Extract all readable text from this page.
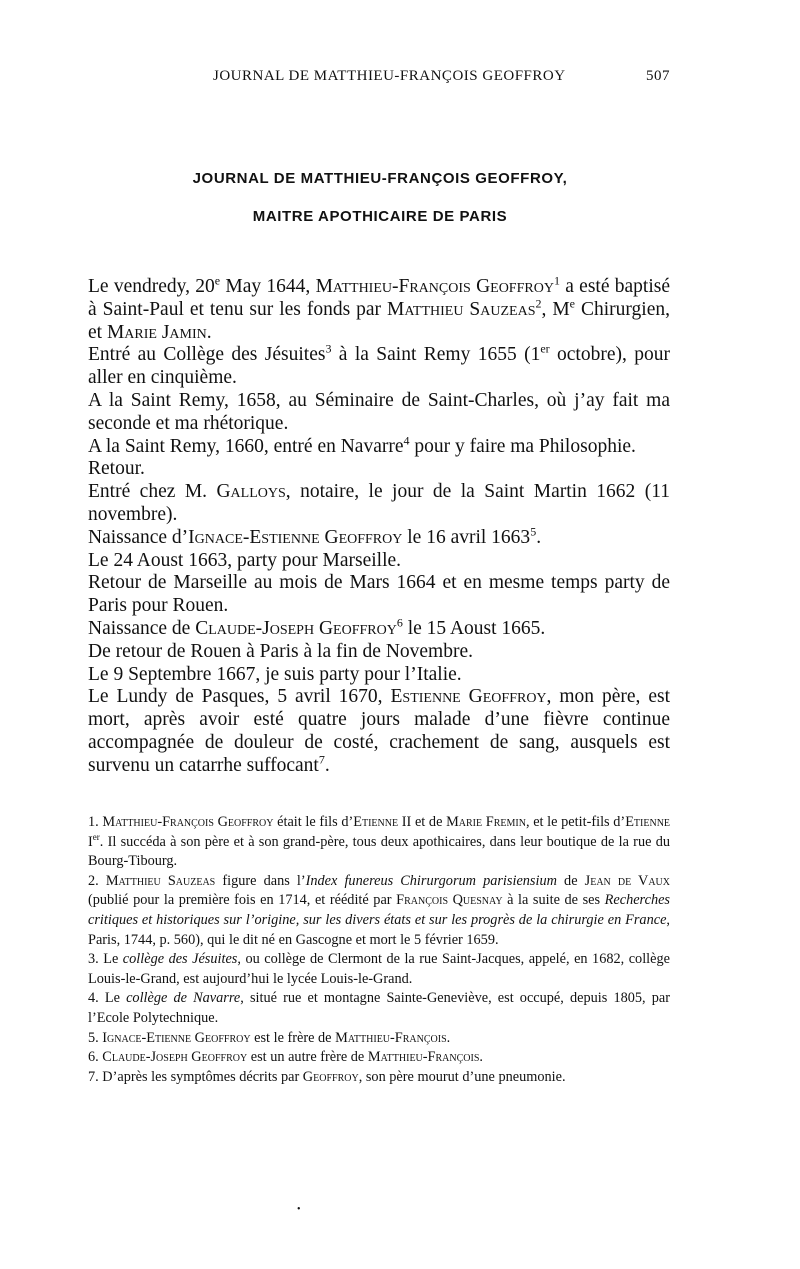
JOURNAL DE MATTHIEU-FRANÇOIS GEOFFROY	507
JOURNAL DE MATTHIEU-FRANÇOIS GEOFFROY,
MAITRE APOTHICAIRE DE PARIS

Le vendredy, 20e May 1644, Matthieu-François Geoffroy$^1$ a esté baptisé à Saint-Paul et tenu sur les fonds par Matthieu Sauzeas$^2$, Me Chirurgien, et Marie Jamin.

Entré au Collège des Jésuites$^3$ à la Saint Remy 1655 (1er octobre), pour aller en cinquième.

A la Saint Remy, 1658, au Séminaire de Saint-Charles, où j’ay fait ma seconde et ma rhétorique.

A la Saint Remy, 1660, entré en Navarre$^4$ pour y faire ma Philosophie.

Retour.

Entré chez M. Galloys, notaire, le jour de la Saint Martin 1662 (11 novembre).

Naissance d’Ignace-Estienne Geoffroy le 16 avril 1663$^5$.

Le 24 Aoust 1663, party pour Marseille.

Retour de Marseille au mois de Mars 1664 et en mesme temps party de Paris pour Rouen.

Naissance de Claude-Joseph Geoffroy$^6$ le 15 Aoust 1665.

De retour de Rouen à Paris à la fin de Novembre.

Le 9 Septembre 1667, je suis party pour l’Italie.

Le Lundy de Pasques, 5 avril 1670, Estienne Geoffroy, mon père, est mort, après avoir esté quatre jours malade d’une fièvre continue accompagnée de douleur de costé, crachement de sang, ausquels est survenu un catarrhe suffocant$^7$.

1. Matthieu-François Geoffroy était le fils d’Etienne II et de Marie Fremin, et le petit-fils d’Etienne Ier. Il succéda à son père et à son grand-père, tous deux apothicaires, dans leur boutique de la rue du Bourg-Tibourg.

2. Matthieu Sauzeas figure dans l’Index funereus Chirurgorum parisiensium de Jean de Vaux (publié pour la première fois en 1714, et réédité par François Quesnay à la suite de ses Recherches critiques et historiques sur l’origine, sur les divers états et sur les progrès de la chirurgie en France, Paris, 1744, p. 560), qui le dit né en Gascogne et mort le 5 février 1659.

3. Le collège des Jésuites, ou collège de Clermont de la rue Saint-Jacques, appelé, en 1682, collège Louis-le-Grand, est aujourd’hui le lycée Louis-le-Grand.

4. Le collège de Navarre, situé rue et montagne Sainte-Geneviève, est occupé, depuis 1805, par l’Ecole Polytechnique.

5. Ignace-Etienne Geoffroy est le frère de Matthieu-François.

6. Claude-Joseph Geoffroy est un autre frère de Matthieu-François.

7. D’après les symptômes décrits par Geoffroy, son père mourut d’une pneumonie.

•
